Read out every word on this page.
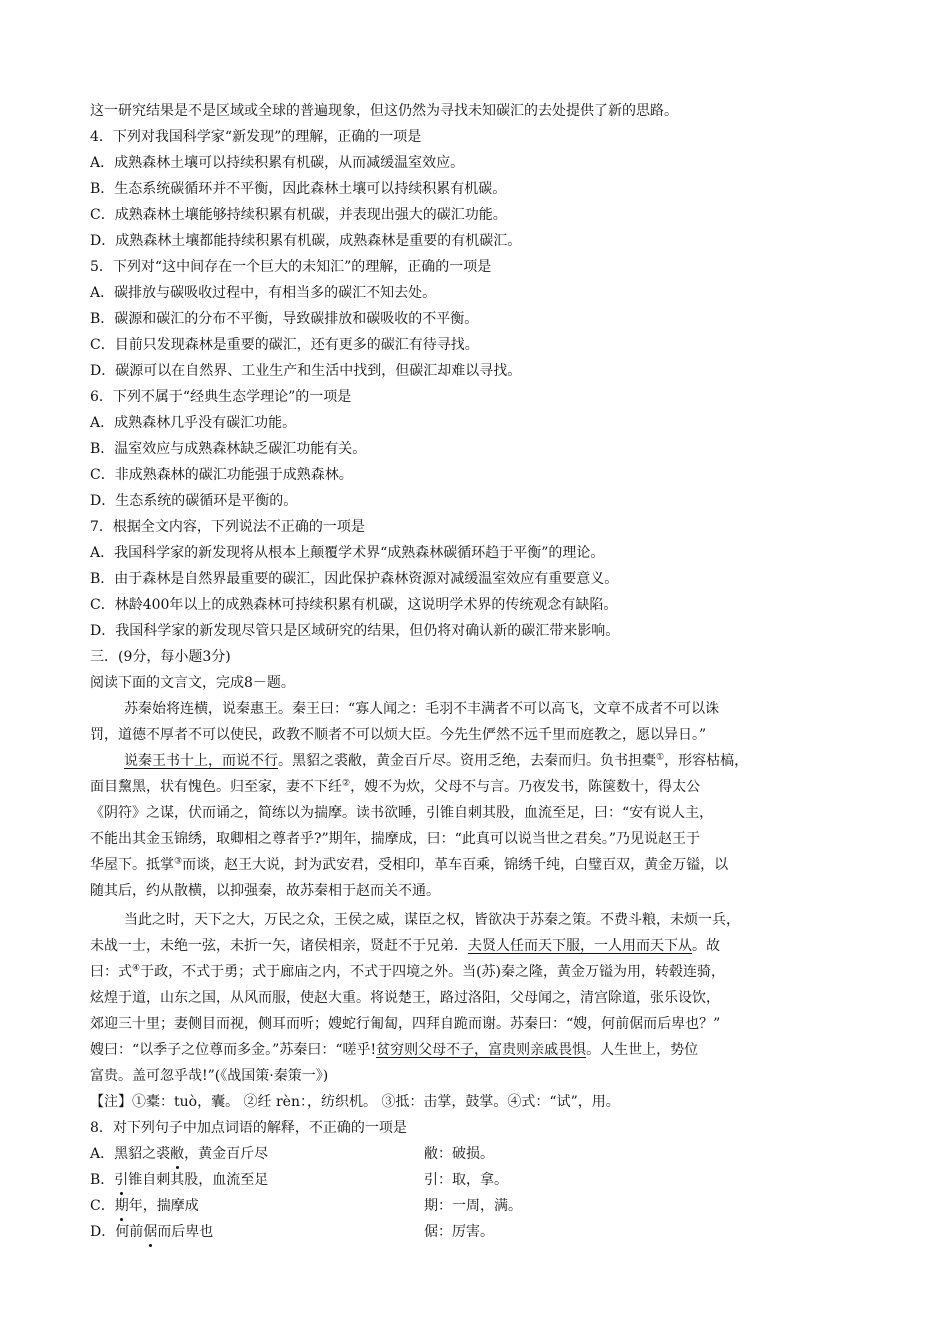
这一研究结果是不是区域或全球的普遍现象，但这仍然为寻找未知碳汇的去处提供了新的思路。
4．下列对我国科学家“新发现”的理解，正确的一项是
A．成熟森林土壤可以持续积累有机碳，从而减缓温室效应。
B．生态系统碳循环并不平衡，因此森林土壤可以持续积累有机碳。
C．成熟森林土壤能够持续积累有机碳，并表现出强大的碳汇功能。
D．成熟森林土壤都能持续积累有机碳，成熟森林是重要的有机碳汇。
5．下列对“这中间存在一个巨大的未知汇”的理解，正确的一项是
A．碳排放与碳吸收过程中，有相当多的碳汇不知去处。
B．碳源和碳汇的分布不平衡，导致碳排放和碳吸收的不平衡。
C．目前只发现森林是重要的碳汇，还有更多的碳汇有待寻找。
D．碳源可以在自然界、工业生产和生活中找到，但碳汇却难以寻找。
6．下列不属于“经典生态学理论”的一项是
A．成熟森林几乎没有碳汇功能。
B．温室效应与成熟森林缺乏碳汇功能有关。
C．非成熟森林的碳汇功能强于成熟森林。
D．生态系统的碳循环是平衡的。
7．根据全文内容，下列说法不正确的一项是
A．我国科学家的新发现将从根本上颠覆学术界“成熟森林碳循环趋于平衡”的理论。
B．由于森林是自然界最重要的碳汇，因此保护森林资源对减缓温室效应有重要意义。
C．林龄400年以上的成熟森林可持续积累有机碳，这说明学术界的传统观念有缺陷。
D．我国科学家的新发现尽管只是区域研究的结果，但仍将对确认新的碳汇带来影响。
三．(9分，每小题3分)
阅读下面的文言文，完成8－题。
苏秦始将连横，说秦惠王。秦王曰：“寡人闻之：毛羽不丰满者不可以高飞，文章不成者不可以诛
罚，道德不厚者不可以使民，政教不顺者不可以烦大臣。今先生俨然不远千里而庭教之，愿以异日。”
说秦王书十上，而说不行。黑貂之裘敝，黄金百斤尽。资用乏绝，去秦而归。负书担橐①，形容枯槁，
面目黧黑，状有愧色。归至家，妻不下纴②，嫂不为炊，父母不与言。乃夜发书，陈箧数十，得太公
《阴符》之谋，伏而诵之，简练以为揣摩。读书欲睡，引锥自刺其股，血流至足，曰：“安有说人主，
不能出其金玉锦绣，取卿相之尊者乎?”期年，揣摩成，曰：“此真可以说当世之君矣。”乃见说赵王于
华屋下。抵掌③而谈，赵王大说，封为武安君，受相印，革车百乘，锦绣千纯，白璧百双，黄金万镒，以
随其后，约从散横，以抑强秦，故苏秦相于赵而关不通。
当此之时，天下之大，万民之众，王侯之威，谋臣之权，皆欲决于苏秦之策。不费斗粮，未烦一兵，
未战一士，未绝一弦，未折一矢，诸侯相亲，贤赶不于兄弟．夫贤人任而天下服，一人用而天下从。故
曰：式④于政，不式于勇；式于廊庙之内，不式于四境之外。当(苏)秦之隆，黄金万镒为用，转毂连骑，
炫煌于道，山东之国，从风而服，使赵大重。将说楚王，路过洛阳，父母闻之，清宫除道，张乐设饮，
郊迎三十里；妻侧目而视，侧耳而听；嫂蛇行匍匐，四拜自跪而谢。苏秦曰：“嫂，何前倨而后卑也？”
嫂曰：“以季子之位尊而多金。”苏秦曰：“嗟乎!贫穷则父母不子，富贵则亲戚畏惧。人生世上，势位
富贵。盖可忽乎哉!”(《战国策·秦策一》)
【注】①橐：tuò，囊。 ②纴 rèn：，纺织机。 ③抵：击掌，鼓掌。④式：“试”，用。
8．对下列句子中加点词语的解释，不正确的一项是
A．黑貂之裘敝，黄金百斤尽	敝：破损。
B．引锥自刺其股，血流至足	引：取，拿。
C．期年，揣摩成	期：一周，满。
D．何前倨而后卑也	倨：厉害。
